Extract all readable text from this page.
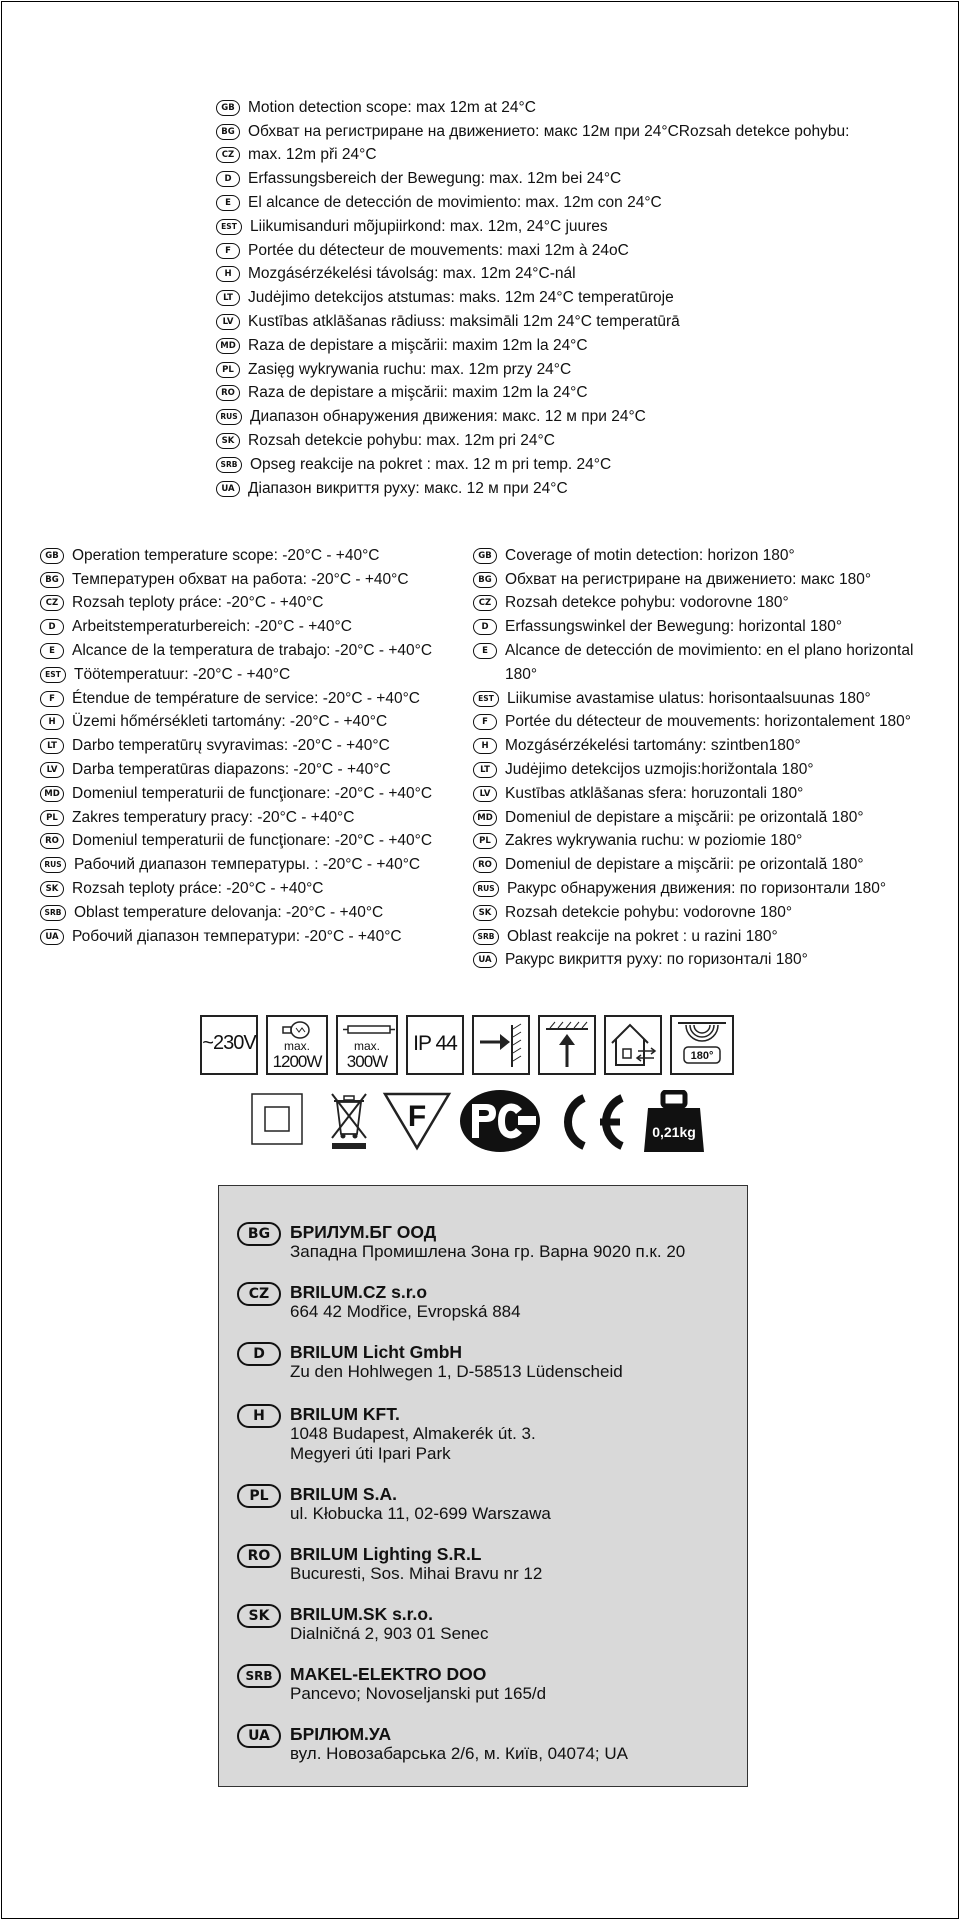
GB Motion detection scope: max 12m at 24°C
BG Обхват на регистриране на движението: макс 12м при 24°CRozsah detekce pohybu:
CZ max. 12m při 24°C
D	Erfassungsbereich der Bewegung: max. 12m bei 24°C
E	El alcance de detección de movimiento: max. 12m con 24°C
EST Liikumisanduri mõjupiirkond: max. 12m, 24°C juures
F	Portée du détecteur de mouvements: maxi 12m à 24oC
H	Mozgásérzékelési távolság: max. 12m 24°C-nál
LT Judėjimo detekcijos atstumas: maks. 12m 24°C temperatūroje
LV Kustības atklāšanas rādiuss: maksimāli 12m 24°C temperatūrā
MD Raza de depistare a mişcării: maxim 12m la 24°C
PL Zasięg wykrywania ruchu: max. 12m przy 24°C
RO Raza de depistare a mişcării: maxim 12m la 24°C
RUS Диапазон обнаружения движения: макс. 12 м при 24°C
SK Rozsah detekcie pohybu: max. 12m pri 24°C
SRB Opseg reakcije na pokret : max. 12 m pri temp. 24°C
UA Діапазон викриття руху: макс. 12 м при 24°C
GB Operation temperature scope: -20°C - +40°C
BG Температурен обхват на работа: -20°C - +40°C
CZ Rozsah teploty práce: -20°C - +40°C
D	Arbeitstemperaturbereich: -20°C - +40°C
E	Alcance de la temperatura de trabajo: -20°C - +40°C
EST Töötemperatuur: -20°C - +40°C
F	Étendue de température de service: -20°C - +40°C
H	Üzemi hőmérsékleti tartomány: -20°C - +40°C
LT Darbo temperatūrų svyravimas: -20°C - +40°C
LV Darba temperatūras diapazons: -20°C - +40°C
MD Domeniul temperaturii de funcţionare: -20°C - +40°C
PL Zakres temperatury pracy: -20°C - +40°C
RO Domeniul temperaturii de funcţionare: -20°C - +40°C
RUS Рабочий диапазон температуры. : -20°C - +40°C
SK Rozsah teploty práce: -20°C - +40°C
SRB Oblast temperature delovanja: -20°C - +40°C
UA Робочий діапазон температури: -20°C - +40°C
GB Coverage of motin detection: horizon 180°
BG Обхват на регистриране на движението: макс 180°
CZ Rozsah detekce pohybu: vodorovne 180°
D	Erfassungswinkel der Bewegung: horizontal 180°
E	Alcance de detección de movimiento: en el plano horizontal 180°
EST Liikumise avastamise ulatus: horisontaalsuunas 180°
F	Portée du détecteur de mouvements: horizontalement 180°
H	Mozgásérzékelési tartomány: szintben180°
LT Judėjimo detekcijos uzmojis:horižontala 180°
LV Kustības atklāšanas sfera: horuzontali 180°
MD Domeniul de depistare a mişcării: pe orizontală 180°
PL Zakres wykrywania ruchu: w poziomie 180°
RO Domeniul de depistare a mişcării: pe orizontală 180°
RUS Ракурс обнаружения движения: по горизонтали 180°
SK Rozsah detekcie pohybu: vodorovne 180°
SRB Oblast reakcije na pokret : u razini 180°
UA Ракурс викриття руху: по горизонталі 180°
~230V	max.
1200W
max.
300W
IP 44
180°
F	0,21kg
BG	БРИЛУМ.БГ ООД
Западна Промишлена Зона гр. Варна 9020 п.к. 20
CZ	BRILUM.CZ s.r.o
664 42 Modřice, Evropská 884
D	BRILUM Licht GmbH
Zu den Hohlwegen 1, D-58513 Lüdenscheid
H	BRILUM KFT.
1048 Budapest, Almakerék út. 3.
Megyeri úti Ipari Park
PL	BRILUM S.A.
ul. Kłobucka 11, 02-699 Warszawa
RO	BRILUM Lighting S.R.L
Bucuresti, Sos. Mihai Bravu nr 12
SK	BRILUM.SK s.r.o.
Dialničná 2, 903 01 Senec
SRB MAKEL-ELEKTRO DOO
Pancevo; Novoseljanski put 165/d
UA	БРІЛЮМ.УА
вул. Новозабарська 2/6, м. Київ, 04074; UA
